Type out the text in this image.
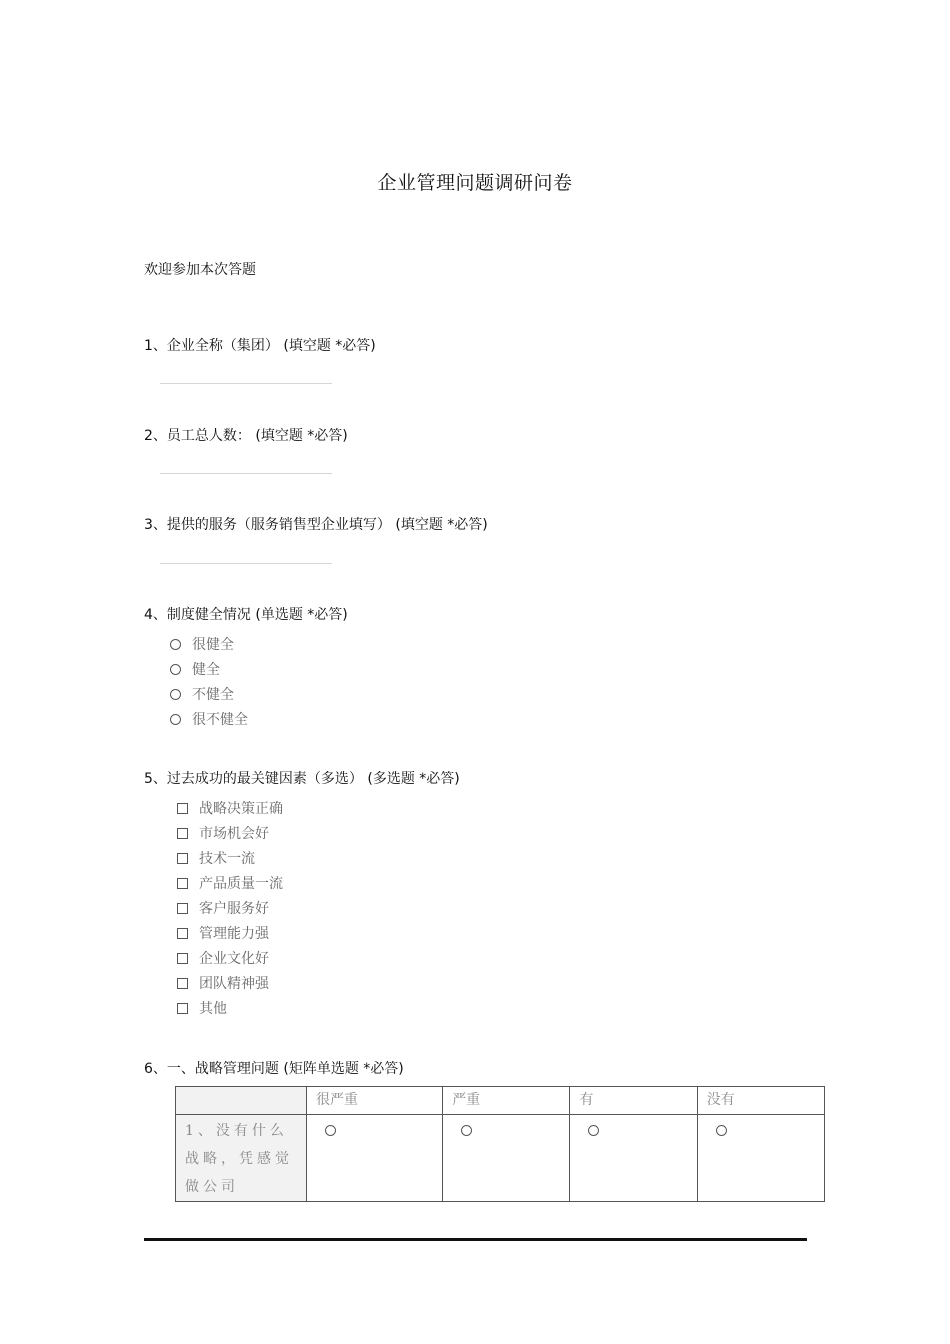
企业管理问题调研问卷
欢迎参加本次答题
1、企业全称（集团） (填空题 *必答)
2、员工总人数： (填空题 *必答)
3、提供的服务（服务销售型企业填写） (填空题 *必答)
4、制度健全情况 (单选题 *必答)
很健全
健全
不健全
很不健全
5、过去成功的最关键因素（多选） (多选题 *必答)
战略决策正确
市场机会好
技术一流
产品质量一流
客户服务好
管理能力强
企业文化好
团队精神强
其他
6、一、战略管理问题 (矩阵单选题 *必答)
	很严重	严重	有	没有
1、没有什么战略，凭感觉做公司				
